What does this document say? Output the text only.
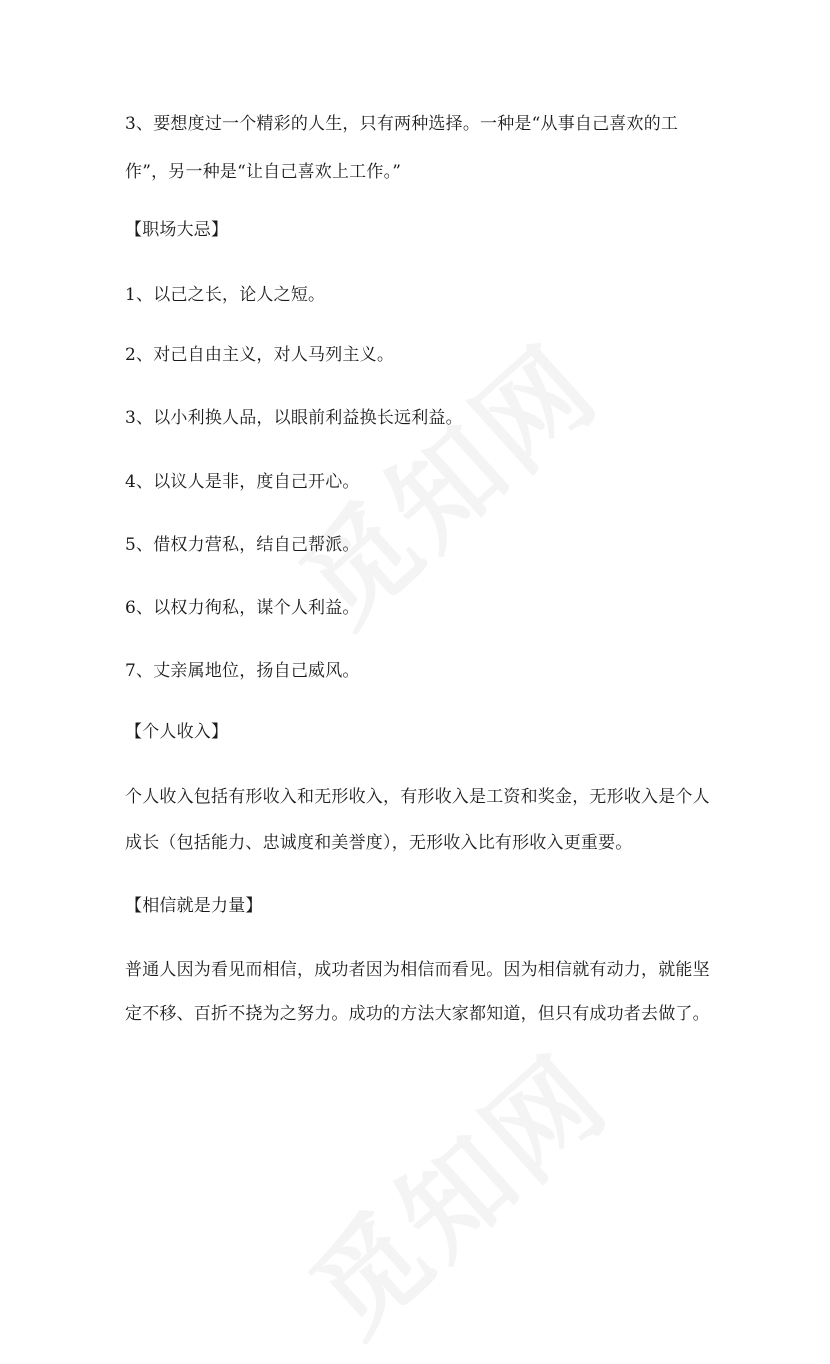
3、要想度过一个精彩的人生，只有两种选择。一种是“从事自己喜欢的工
作”，另一种是“让自己喜欢上工作。”
【职场大忌】
1、以己之长，论人之短。
2、对己自由主义，对人马列主义。
3、以小利换人品，以眼前利益换长远利益。
4、以议人是非，度自己开心。
5、借权力营私，结自己帮派。
6、以权力徇私，谋个人利益。
7、丈亲属地位，扬自己威风。
【个人收入】
个人收入包括有形收入和无形收入，有形收入是工资和奖金，无形收入是个人
成长（包括能力、忠诚度和美誉度），无形收入比有形收入更重要。
【相信就是力量】
普通人因为看见而相信，成功者因为相信而看见。因为相信就有动力，就能坚
定不移、百折不挠为之努力。成功的方法大家都知道，但只有成功者去做了。
